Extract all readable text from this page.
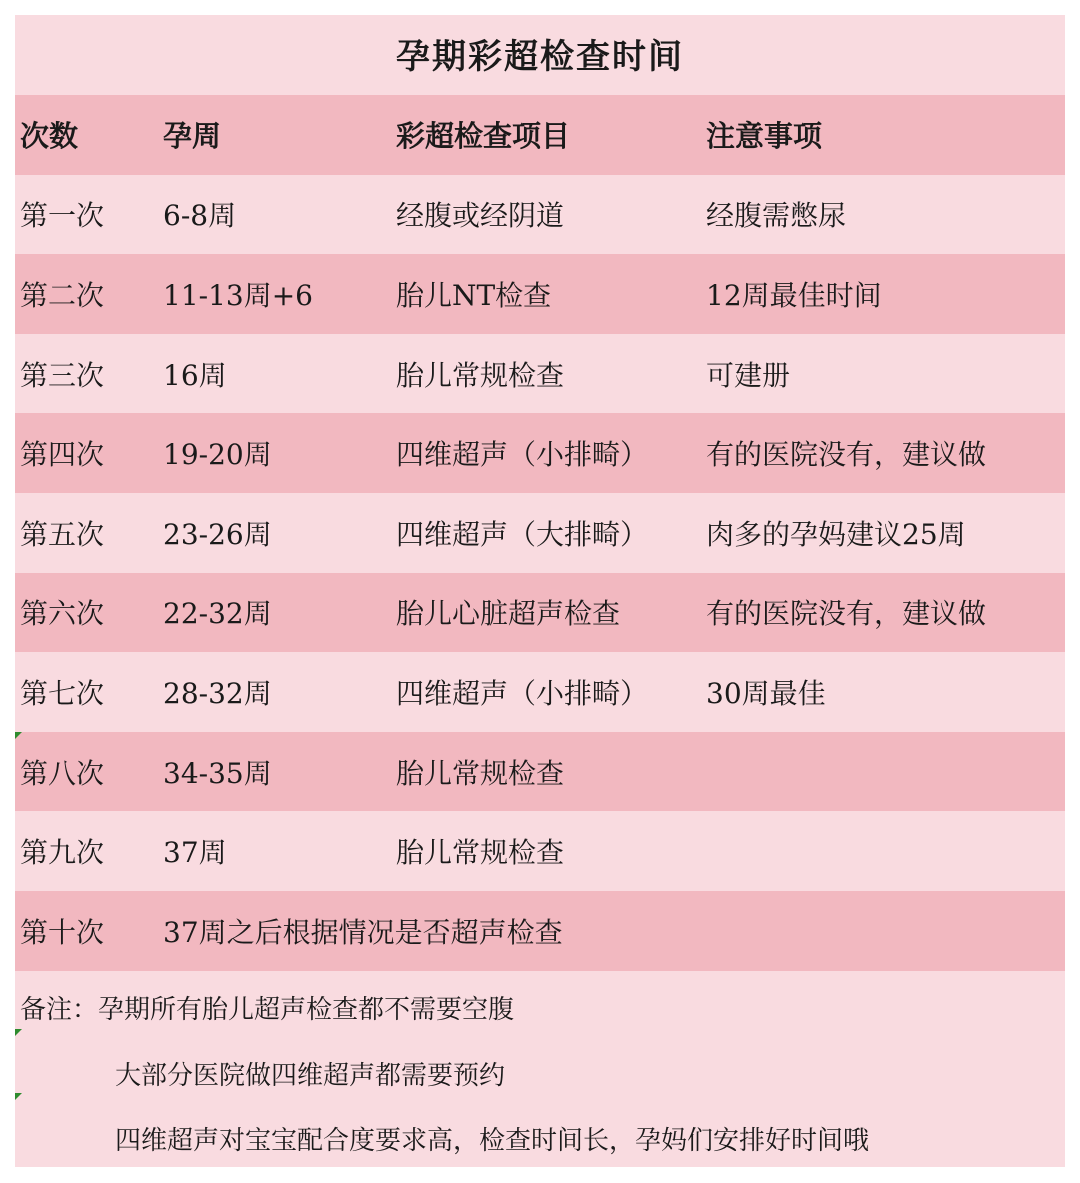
孕期彩超检查时间
次数	孕周	彩超检查项目	注意事项
第一次 6-8周	经腹或经阴道	经腹需憋尿
第二次 11-13周+6	胎儿NT检查	12周最佳时间
第三次 16周	胎儿常规检查	可建册
第四次 19-20周	四维超声（小排畸） 有的医院没有，建议做
第五次 23-26周	四维超声（大排畸） 肉多的孕妈建议25周
第六次 22-32周	胎儿心脏超声检查	有的医院没有，建议做
第七次 28-32周	四维超声（小排畸） 30周最佳
第八次 34-35周	胎儿常规检查
第九次 37周	胎儿常规检查
第十次 37周之后根据情况是否超声检查
备注：孕期所有胎儿超声检查都不需要空腹
大部分医院做四维超声都需要预约
四维超声对宝宝配合度要求高，检查时间长，孕妈们安排好时间哦
